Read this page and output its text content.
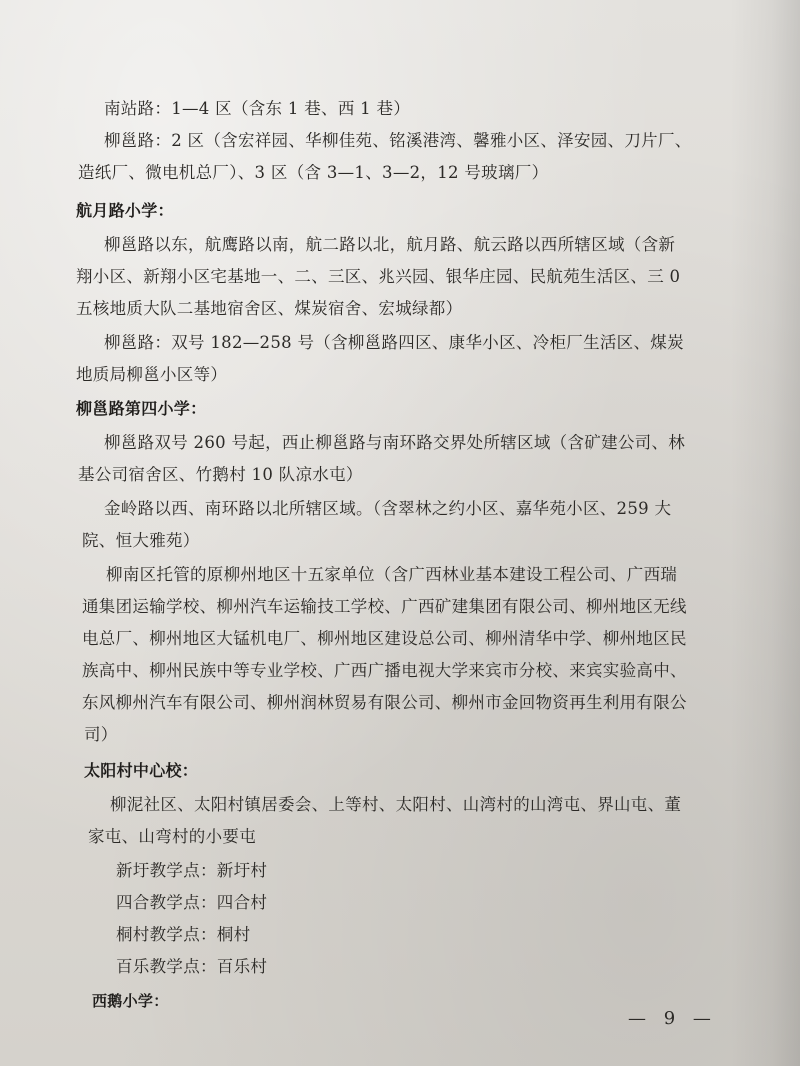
南站路：1—4 区（含东 1 巷、西 1 巷）
柳邕路：2 区（含宏祥园、华柳佳苑、铭溪港湾、馨雅小区、泽安园、刀片厂、
造纸厂、微电机总厂）、3 区（含 3—1、3—2，12 号玻璃厂）
航月路小学：
柳邕路以东，航鹰路以南，航二路以北，航月路、航云路以西所辖区域（含新
翔小区、新翔小区宅基地一、二、三区、兆兴园、银华庄园、民航苑生活区、三 0
五核地质大队二基地宿舍区、煤炭宿舍、宏城绿都）
柳邕路：双号 182—258 号（含柳邕路四区、康华小区、冷柜厂生活区、煤炭
地质局柳邕小区等）
柳邕路第四小学：
柳邕路双号 260 号起，西止柳邕路与南环路交界处所辖区域（含矿建公司、林
基公司宿舍区、竹鹅村 10 队凉水屯）
金岭路以西、南环路以北所辖区域。（含翠林之约小区、嘉华苑小区、259 大
院、恒大雅苑）
柳南区托管的原柳州地区十五家单位（含广西林业基本建设工程公司、广西瑞
通集团运输学校、柳州汽车运输技工学校、广西矿建集团有限公司、柳州地区无线
电总厂、柳州地区大锰机电厂、柳州地区建设总公司、柳州清华中学、柳州地区民
族高中、柳州民族中等专业学校、广西广播电视大学来宾市分校、来宾实验高中、
东风柳州汽车有限公司、柳州润林贸易有限公司、柳州市金回物资再生利用有限公
司）
太阳村中心校：
柳泥社区、太阳村镇居委会、上等村、太阳村、山湾村的山湾屯、界山屯、董
家屯、山弯村的小要屯
新圩教学点：新圩村
四合教学点：四合村
桐村教学点：桐村
百乐教学点：百乐村
西鹅小学：
— 9 —
